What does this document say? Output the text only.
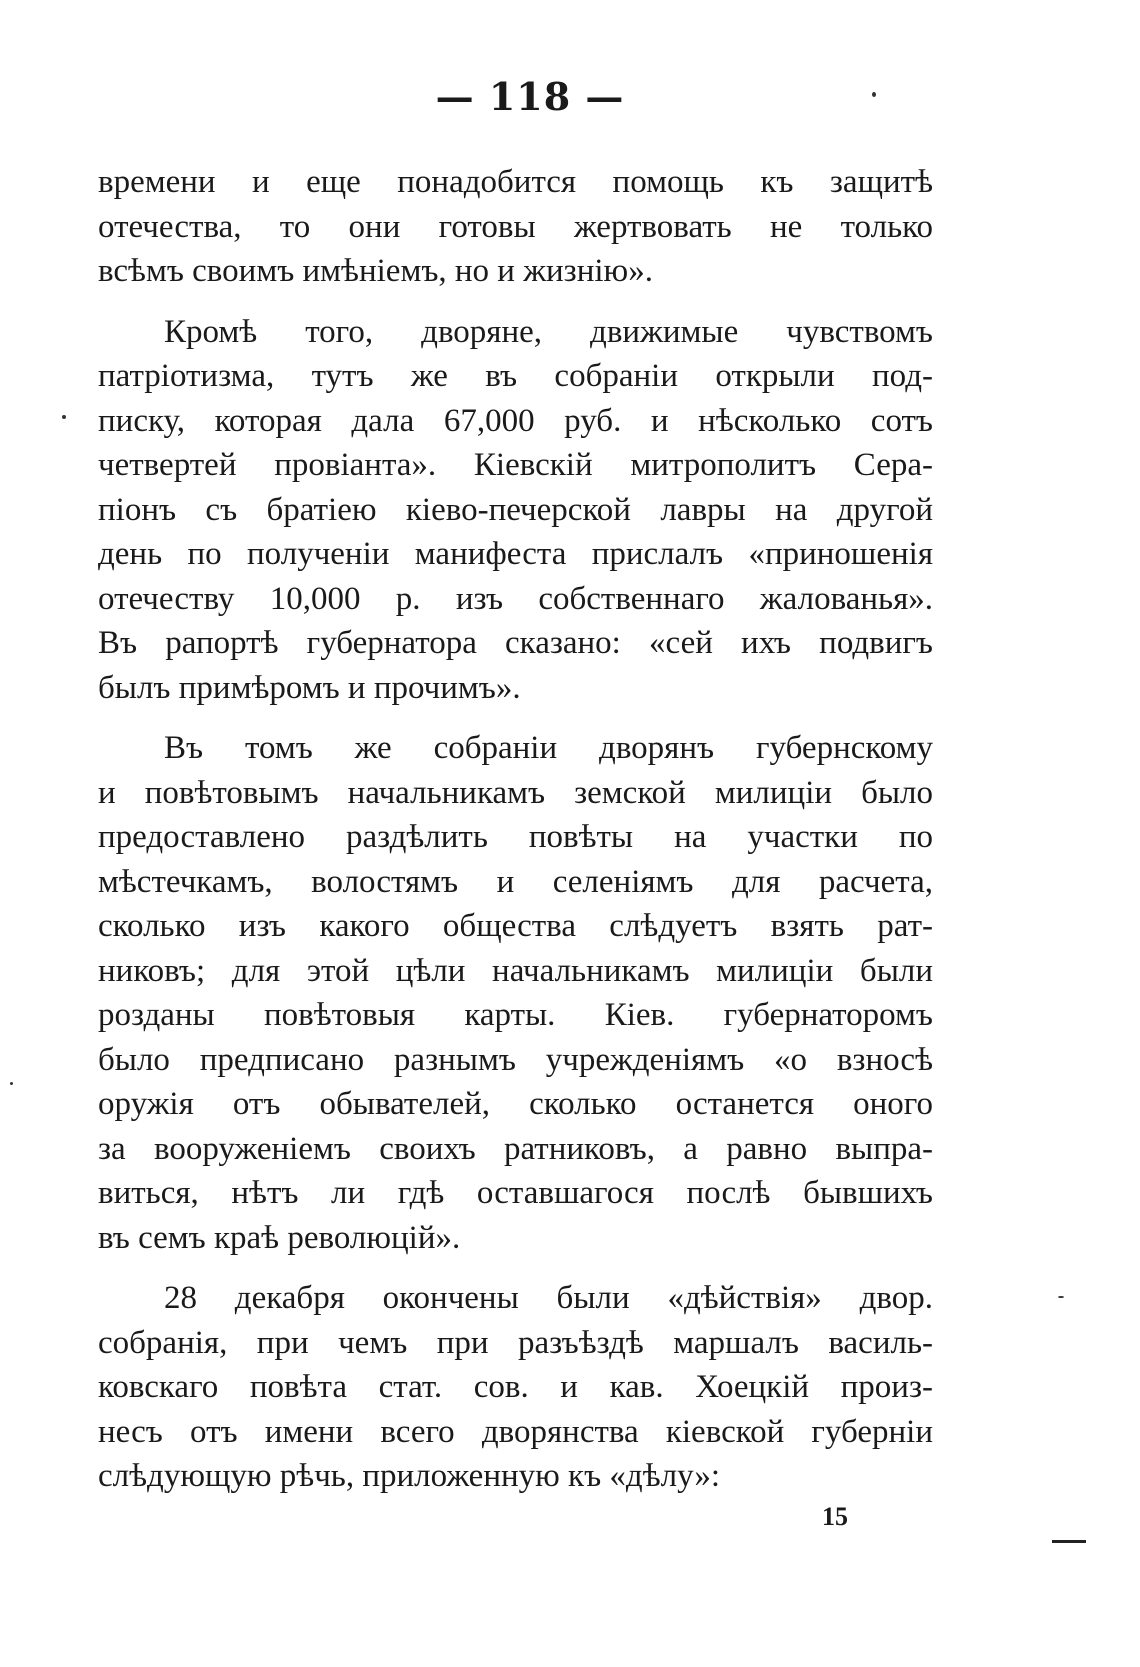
— 118 —
времени и еще понадобится помощь къ защитѣ
отечества, то они готовы жертвовать не только
всѣмъ своимъ имѣніемъ, но и жизнію».
Кромѣ того, дворяне, движимые чувствомъ
патріотизма, тутъ же въ собраніи открыли под-
писку, которая дала 67,000 руб. и нѣсколько сотъ
четвертей провіанта». Кіевскій митрополитъ Сера-
піонъ съ братіею кіево-печерской лавры на другой
день по полученіи манифеста прислалъ «приношенія
отечеству 10,000 р. изъ собственнаго жалованья».
Въ рапортѣ губернатора сказано: «сей ихъ подвигъ
былъ примѣромъ и прочимъ».
Въ томъ же собраніи дворянъ губернскому
и повѣтовымъ начальникамъ земской милиціи было
предоставлено раздѣлить повѣты на участки по
мѣстечкамъ, волостямъ и селеніямъ для расчета,
сколько изъ какого общества слѣдуетъ взять рат-
никовъ; для этой цѣли начальникамъ милиціи были
розданы повѣтовыя карты. Кіев. губернаторомъ
было предписано разнымъ учрежденіямъ «о взносѣ
оружія отъ обывателей, сколько останется оного
за вооруженіемъ своихъ ратниковъ, а равно выпра-
виться, нѣтъ ли гдѣ оставшагося послѣ бывшихъ
въ семъ краѣ революцій».
28 декабря окончены были «дѣйствія» двор.
собранія, при чемъ при разъѣздѣ маршалъ василь-
ковскаго повѣта стат. сов. и кав. Хоецкій произ-
несъ отъ имени всего дворянства кіевской губерніи
слѣдующую рѣчь, приложенную къ «дѣлу»:
15
